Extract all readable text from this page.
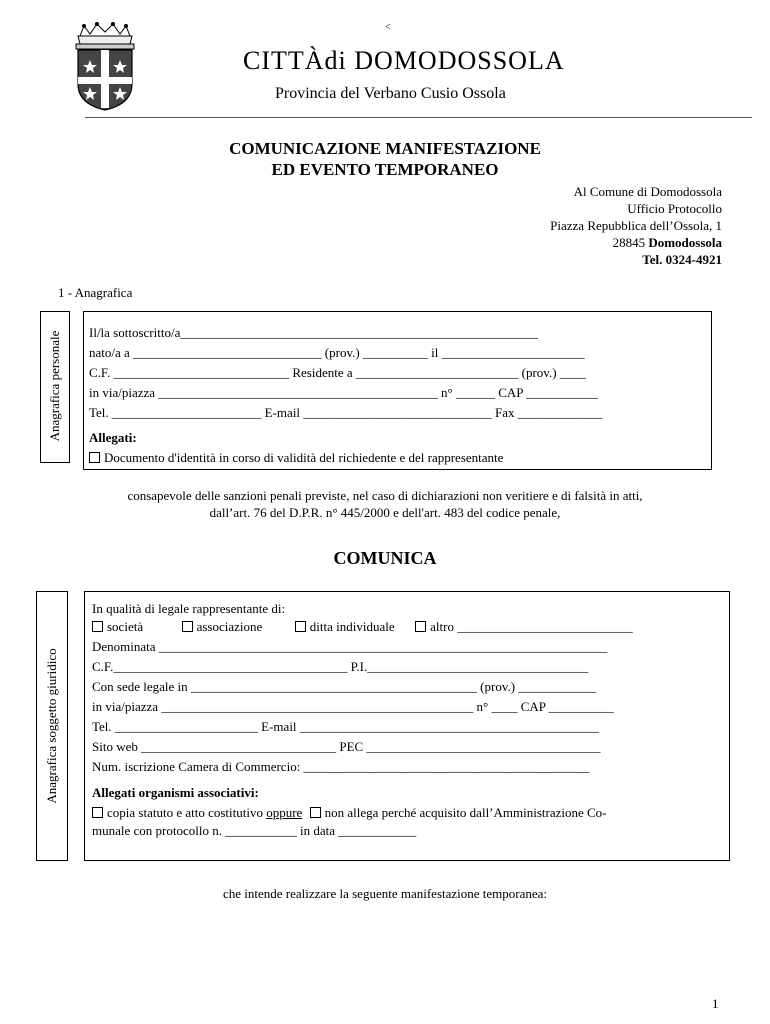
<
CITTÀdi DOMODOSSOLA
Provincia del Verbano Cusio Ossola
COMUNICAZIONE MANIFESTAZIONE
ED EVENTO TEMPORANEO
Al Comune di Domodossola
Ufficio Protocollo
Piazza Repubblica dell’Ossola, 1
28845 Domodossola
Tel. 0324-4921
1 - Anagrafica
Anagrafica personale Il/la sottoscritto/a_______________________________________________________
nato/a a _____________________________ (prov.) __________ il ______________________
C.F. ___________________________ Residente a _________________________ (prov.) ____
in via/piazza ___________________________________________ n° ______ CAP ___________
Tel. _______________________ E-mail _____________________________ Fax _____________
Allegati:
Documento d'identità in corso di validità del richiedente e del rappresentante
consapevole delle sanzioni penali previste, nel caso di dichiarazioni non veritiere e di falsità in atti,
dall’art. 76 del D.P.R. n° 445/2000 e dell'art. 483 del codice penale,
COMUNICA
Anagrafica soggetto giuridico
In qualità di legale rappresentante di:
società	associazione	ditta individuale	altro ___________________________
Denominata _____________________________________________________________________
C.F.____________________________________ P.I.__________________________________
Con sede legale in ____________________________________________ (prov.) ____________
in via/piazza ________________________________________________ n° ____ CAP __________
Tel. ______________________ E-mail ______________________________________________
Sito web ______________________________ PEC ____________________________________
Num. iscrizione Camera di Commercio: ____________________________________________
Allegati organismi associativi:
copia statuto e atto costitutivo oppure non allega perché acquisito dall’Amministrazione Co-
munale con protocollo n. ___________ in data ____________
che intende realizzare la seguente manifestazione temporanea:
1
